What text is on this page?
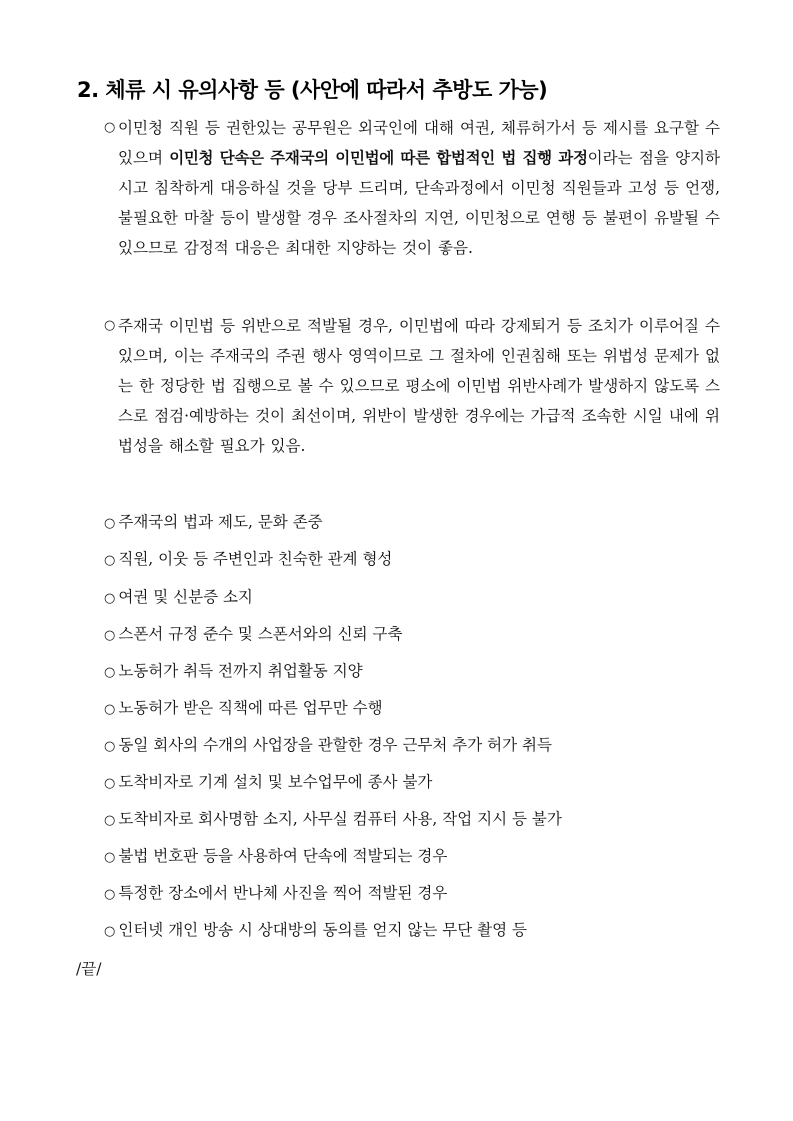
2. 체류 시 유의사항 등 (사안에 따라서 추방도 가능)
○ 이민청 직원 등 권한있는 공무원은 외국인에 대해 여권, 체류허가서 등 제시를 요구할 수 있으며 이민청 단속은 주재국의 이민법에 따른 합법적인 법 집행 과정이라는 점을 양지하시고 침착하게 대응하실 것을 당부 드리며, 단속과정에서 이민청 직원들과 고성 등 언쟁, 불필요한 마찰 등이 발생할 경우 조사절차의 지연, 이민청으로 연행 등 불편이 유발될 수 있으므로 감정적 대응은 최대한 지양하는 것이 좋음.
○ 주재국 이민법 등 위반으로 적발될 경우, 이민법에 따라 강제퇴거 등 조치가 이루어질 수 있으며, 이는 주재국의 주권 행사 영역이므로 그 절차에 인권침해 또는 위법성 문제가 없는 한 정당한 법 집행으로 볼 수 있으므로 평소에 이민법 위반사례가 발생하지 않도록 스스로 점검·예방하는 것이 최선이며, 위반이 발생한 경우에는 가급적 조속한 시일 내에 위법성을 해소할 필요가 있음.
○ 주재국의 법과 제도, 문화 존중
○ 직원, 이웃 등 주변인과 친숙한 관계 형성
○ 여권 및 신분증 소지
○ 스폰서 규정 준수 및 스폰서와의 신뢰 구축
○ 노동허가 취득 전까지 취업활동 지양
○ 노동허가 받은 직책에 따른 업무만 수행
○ 동일 회사의 수개의 사업장을 관할한 경우 근무처 추가 허가 취득
○ 도착비자로 기계 설치 및 보수업무에 종사 불가
○ 도착비자로 회사명함 소지, 사무실 컴퓨터 사용, 작업 지시 등 불가
○ 불법 번호판 등을 사용하여 단속에 적발되는 경우
○ 특정한 장소에서 반나체 사진을 찍어 적발된 경우
○ 인터넷 개인 방송 시 상대방의 동의를 얻지 않는 무단 촬영 등
/끝/
